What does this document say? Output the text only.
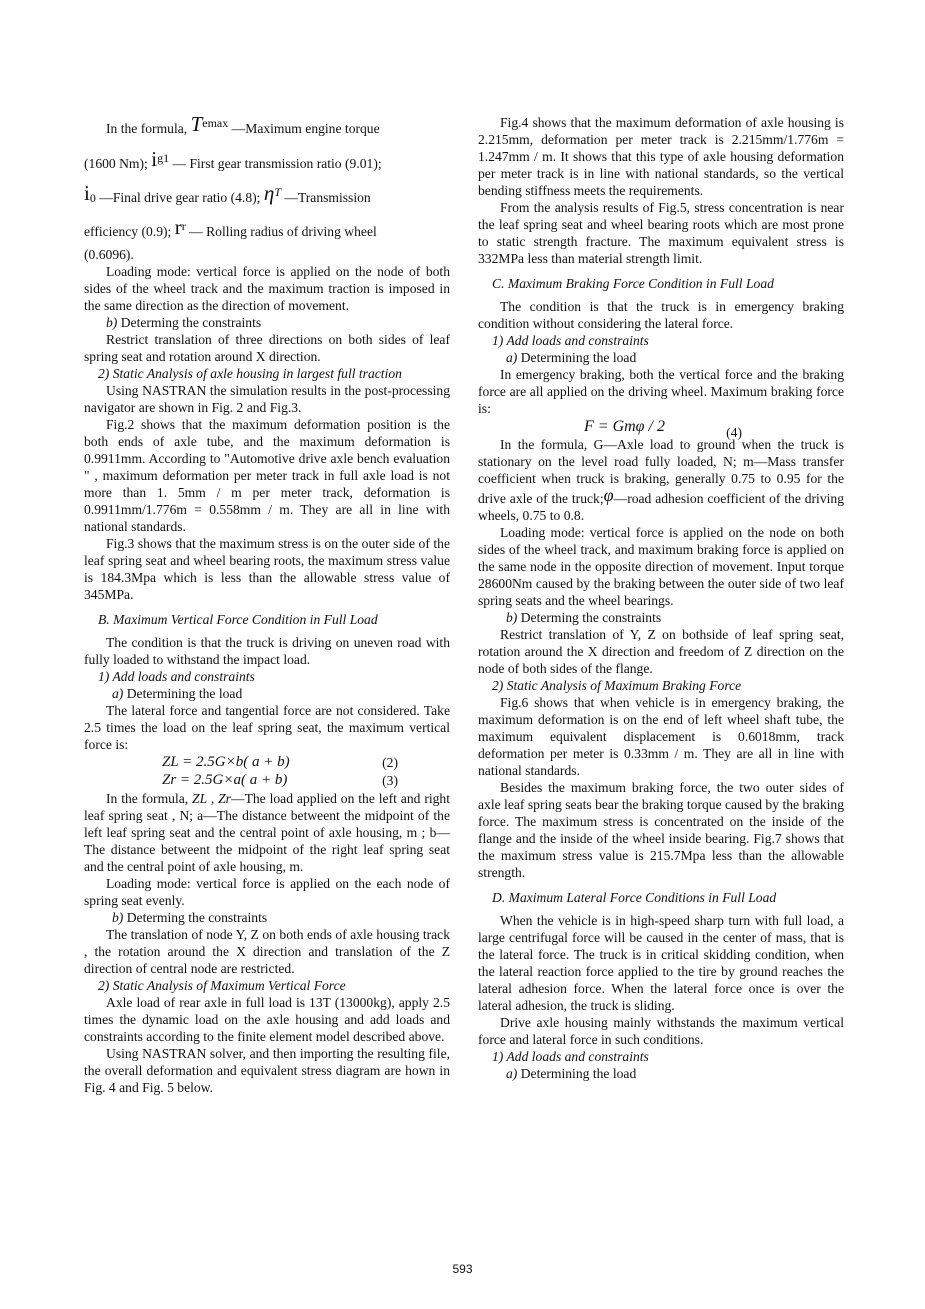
In the formula, Temax —Maximum engine torque

(1600 Nm); ig1 — First gear transmission ratio (9.01);

i0 —Final drive gear ratio (4.8); ηT —Transmission

efficiency (0.9); rr — Rolling radius of driving wheel

(0.6096).

Loading mode: vertical force is applied on the node of both sides of the wheel track and the maximum traction is imposed in the same direction as the direction of movement.

b) Determing the constraints

Restrict translation of three directions on both sides of leaf spring seat and rotation around X direction.

2) Static Analysis of axle housing in largest full traction

Using NASTRAN the simulation results in the post-processing navigator are shown in Fig. 2 and Fig.3.

Fig.2 shows that the maximum deformation position is the both ends of axle tube, and the maximum deformation is 0.9911mm. According to "Automotive drive axle bench evaluation " , maximum deformation per meter track in full axle load is not more than 1. 5mm / m per meter track, deformation is 0.9911mm/1.776m = 0.558mm / m. They are all in line with national standards.

Fig.3 shows that the maximum stress is on the outer side of the leaf spring seat and wheel bearing roots, the maximum stress value is 184.3Mpa which is less than the allowable stress value of 345MPa.

B. Maximum Vertical Force Condition in Full Load

The condition is that the truck is driving on uneven road with fully loaded to withstand the impact load.

1) Add loads and constraints

a) Determining the load

The lateral force and tangential force are not considered. Take 2.5 times the load on the leaf spring seat, the maximum vertical force is:

ZL = 2.5G×b( a + b)	(2)
Zr = 2.5G×a( a + b)	(3)

In the formula, ZL , Zr—The load applied on the left and right leaf spring seat , N; a—The distance betweent the midpoint of the left leaf spring seat and the central point of axle housing, m ; b—The distance betweent the midpoint of the right leaf spring seat and the central point of axle housing, m.

Loading mode: vertical force is applied on the each node of spring seat evenly.

b) Determing the constraints

The translation of node Y, Z on both ends of axle housing track , the rotation around the X direction and translation of the Z direction of central node are restricted.

2) Static Analysis of Maximum Vertical Force

Axle load of rear axle in full load is 13T (13000kg), apply 2.5 times the dynamic load on the axle housing and add loads and constraints according to the finite element model described above.

Using NASTRAN solver, and then importing the resulting file, the overall deformation and equivalent stress diagram are hown in Fig. 4 and Fig. 5 below.

Fig.4 shows that the maximum deformation of axle housing is 2.215mm, deformation per meter track is 2.215mm/1.776m = 1.247mm / m. It shows that this type of axle housing deformation per meter track is in line with national standards, so the vertical bending stiffness meets the requirements.

From the analysis results of Fig.5, stress concentration is near the leaf spring seat and wheel bearing roots which are most prone to static strength fracture. The maximum equivalent stress is 332MPa less than material strength limit.

C. Maximum Braking Force Condition in Full Load

The condition is that the truck is in emergency braking condition without considering the lateral force.

1) Add loads and constraints

a) Determining the load

In emergency braking, both the vertical force and the braking force are all applied on the driving wheel. Maximum braking force is:

F = Gmφ / 2	(4)

In the formula, G—Axle load to ground when the truck is stationary on the level road fully loaded, N; m—Mass transfer coefficient when truck is braking, generally 0.75 to 0.95 for the drive axle of the truck;φ—road adhesion coefficient of the driving wheels, 0.75 to 0.8.

Loading mode: vertical force is applied on the node on both sides of the wheel track, and maximum braking force is applied on the same node in the opposite direction of movement. Input torque 28600Nm caused by the braking between the outer side of two leaf spring seats and the wheel bearings.

b) Determing the constraints

Restrict translation of Y, Z on bothside of leaf spring seat, rotation around the X direction and freedom of Z direction on the node of both sides of the flange.

2) Static Analysis of Maximum Braking Force

Fig.6 shows that when vehicle is in emergency braking, the maximum deformation is on the end of left wheel shaft tube, the maximum equivalent displacement is 0.6018mm, track deformation per meter is 0.33mm / m. They are all in line with national standards.

Besides the maximum braking force, the two outer sides of axle leaf spring seats bear the braking torque caused by the braking force. The maximum stress is concentrated on the inside of the flange and the inside of the wheel inside bearing. Fig.7 shows that the maximum stress value is 215.7Mpa less than the allowable strength.

D. Maximum Lateral Force Conditions in Full Load

When the vehicle is in high-speed sharp turn with full load, a large centrifugal force will be caused in the center of mass, that is the lateral force. The truck is in critical skidding condition, when the lateral reaction force applied to the tire by ground reaches the lateral adhesion force. When the lateral force once is over the lateral adhesion, the truck is sliding.

Drive axle housing mainly withstands the maximum vertical force and lateral force in such conditions.

1) Add loads and constraints

a) Determining the load

593
